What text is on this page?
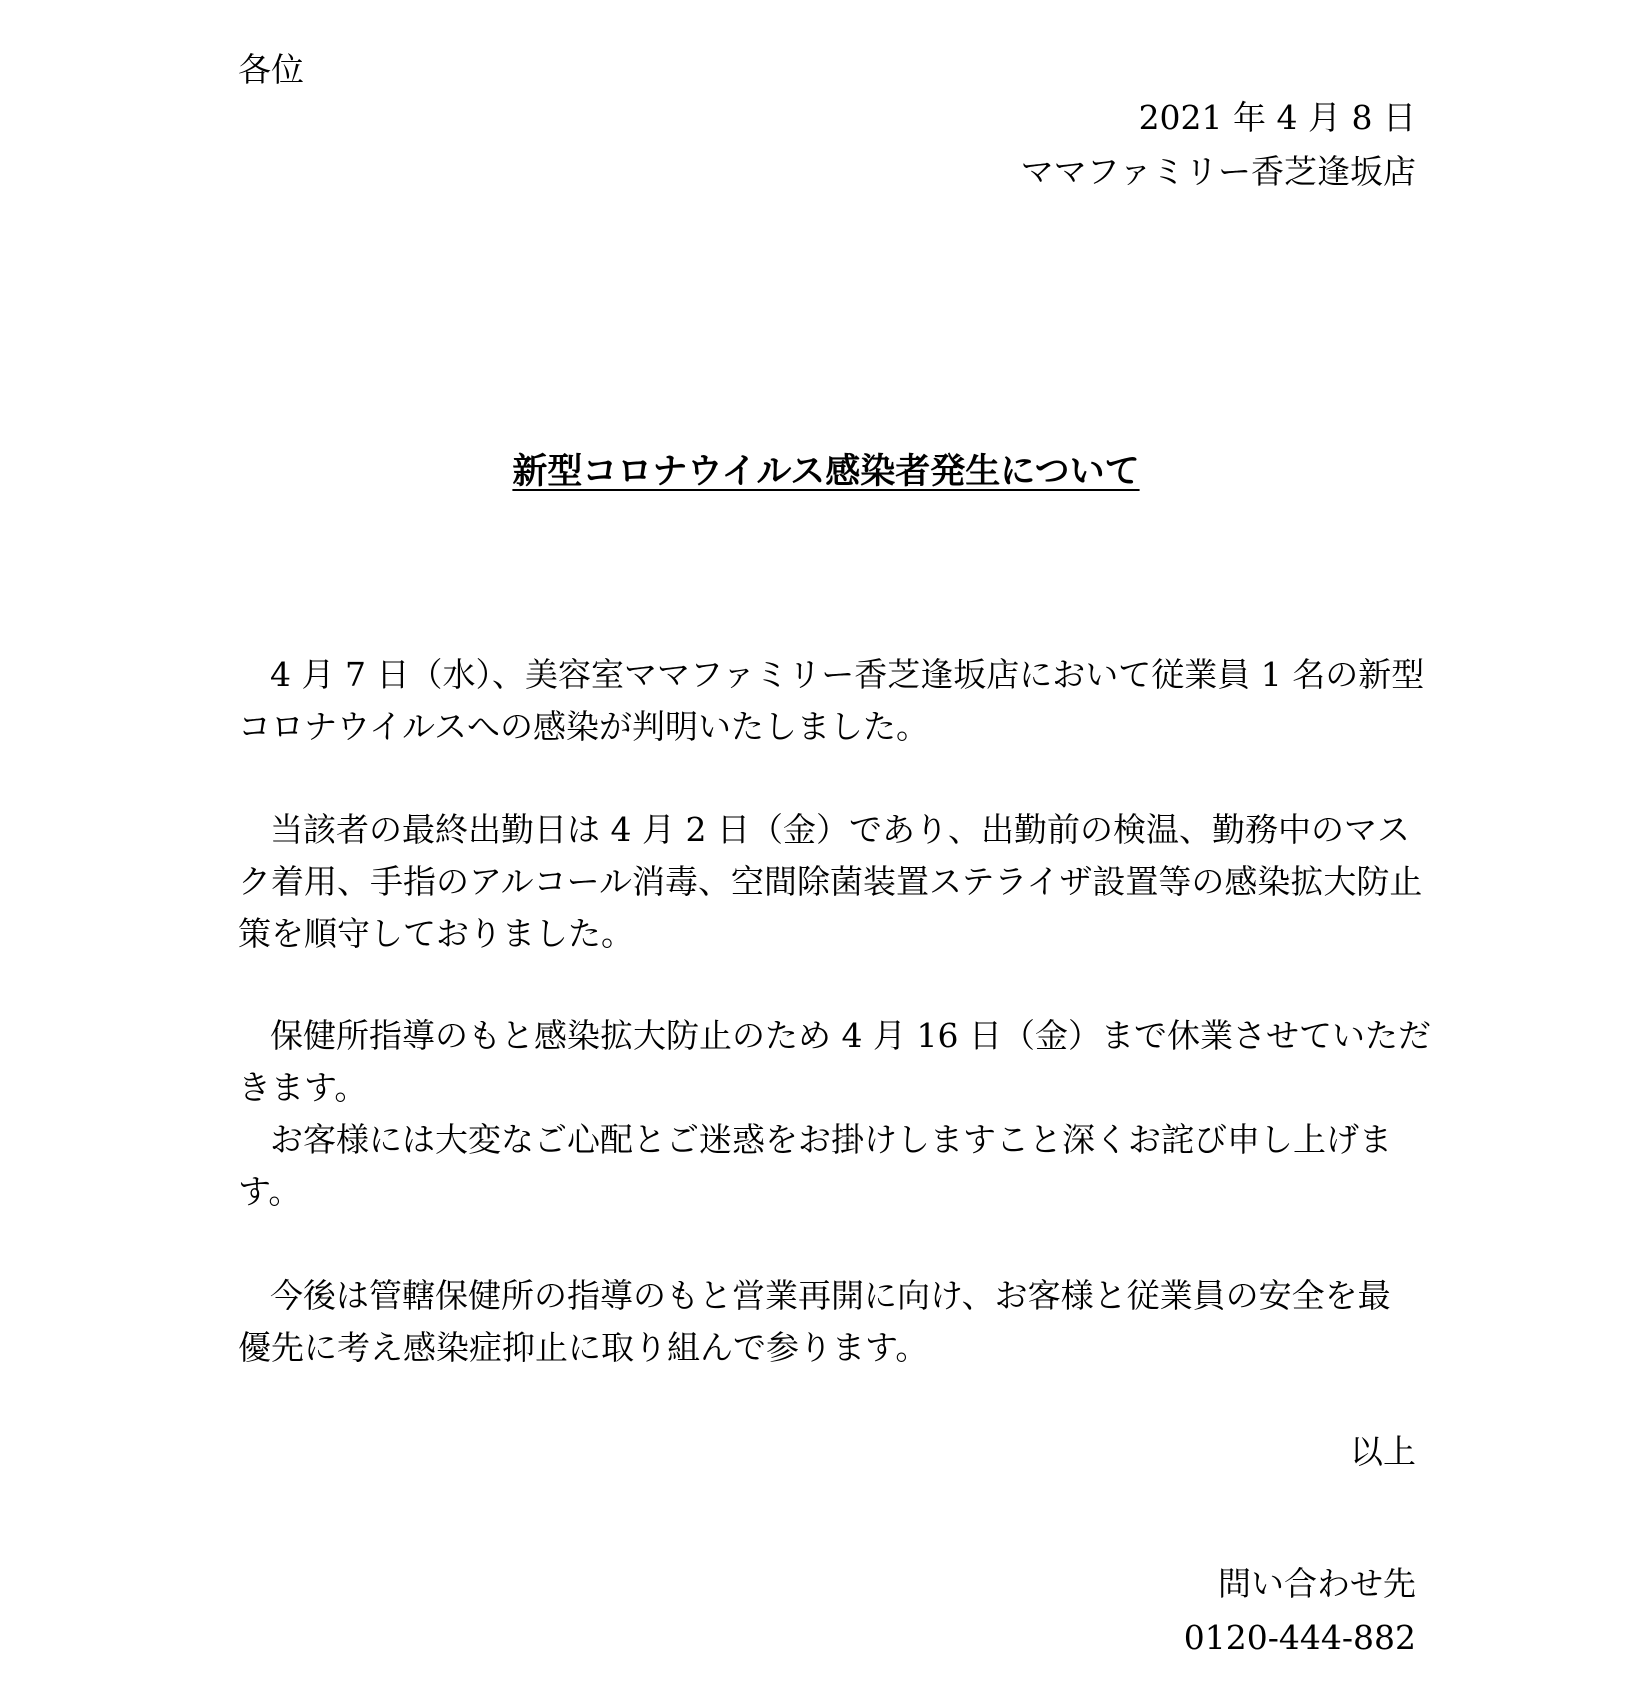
各位

2021 年 4 月 8 日

ママファミリー香芝逢坂店

新型コロナウイルス感染者発生について

4 月 7 日（水）、美容室ママファミリー香芝逢坂店において従業員 1 名の新型

コロナウイルスへの感染が判明いたしました。

当該者の最終出勤日は 4 月 2 日（金）であり、出勤前の検温、勤務中のマス

ク着用、手指のアルコール消毒、空間除菌装置ステライザ設置等の感染拡大防止

策を順守しておりました。

保健所指導のもと感染拡大防止のため 4 月 16 日（金）まで休業させていただ

きます。

お客様には大変なご心配とご迷惑をお掛けしますこと深くお詫び申し上げま

す。

今後は管轄保健所の指導のもと営業再開に向け、お客様と従業員の安全を最

優先に考え感染症抑止に取り組んで参ります。

以上

問い合わせ先

0120-444-882
